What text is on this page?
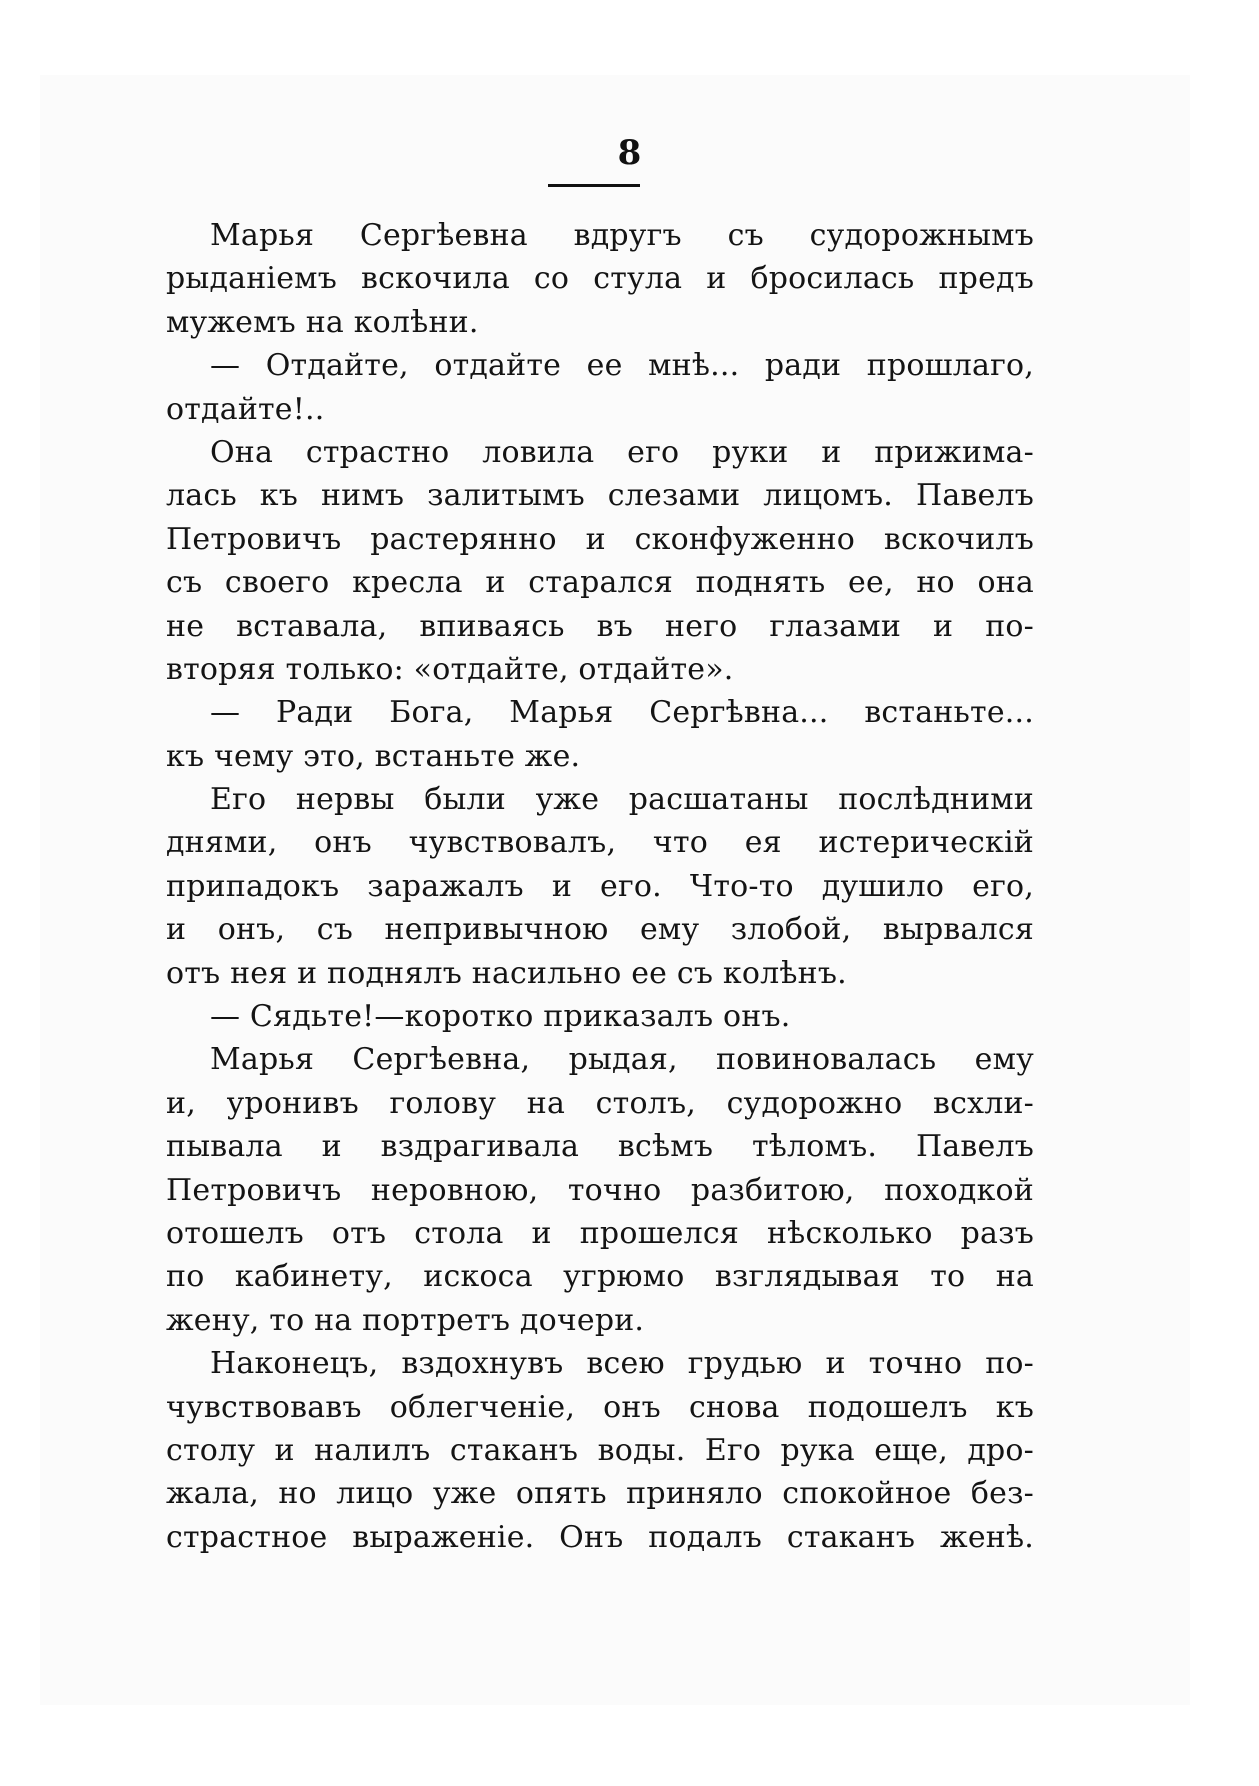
8
Марья Сергѣевна вдругъ съ судорожнымъ
рыданіемъ вскочила со стула и бросилась предъ
мужемъ на колѣни.
— Отдайте, отдайте ее мнѣ... ради прошлаго,
отдайте!..
Она страстно ловила его руки и прижима-
лась къ нимъ залитымъ слезами лицомъ. Павелъ
Петровичъ растерянно и сконфуженно вскочилъ
съ своего кресла и старался поднять ее, но она
не вставала, впиваясь въ него глазами и по-
вторяя только: «отдайте, отдайте».
— Ради Бога, Марья Сергѣвна... встаньте...
къ чему это, встаньте же.
Его нервы были уже расшатаны послѣдними
днями, онъ чувствовалъ, что ея истерическій
припадокъ заражалъ и его. Что-то душило его,
и онъ, съ непривычною ему злобой, вырвался
отъ нея и поднялъ насильно ее съ колѣнъ.
— Сядьте!—коротко приказалъ онъ.
Марья Сергѣевна, рыдая, повиновалась ему
и, уронивъ голову на столъ, судорожно всхли-
пывала и вздрагивала всѣмъ тѣломъ. Павелъ
Петровичъ неровною, точно разбитою, походкой
отошелъ отъ стола и прошелся нѣсколько разъ
по кабинету, искоса угрюмо взглядывая то на
жену, то на портретъ дочери.
Наконецъ, вздохнувъ всею грудью и точно по-
чувствовавъ облегченіе, онъ снова подошелъ къ
столу и налилъ стаканъ воды. Его рука еще, дро-
жала, но лицо уже опять приняло спокойное без-
страстное выраженіе. Онъ подалъ стаканъ женѣ.
